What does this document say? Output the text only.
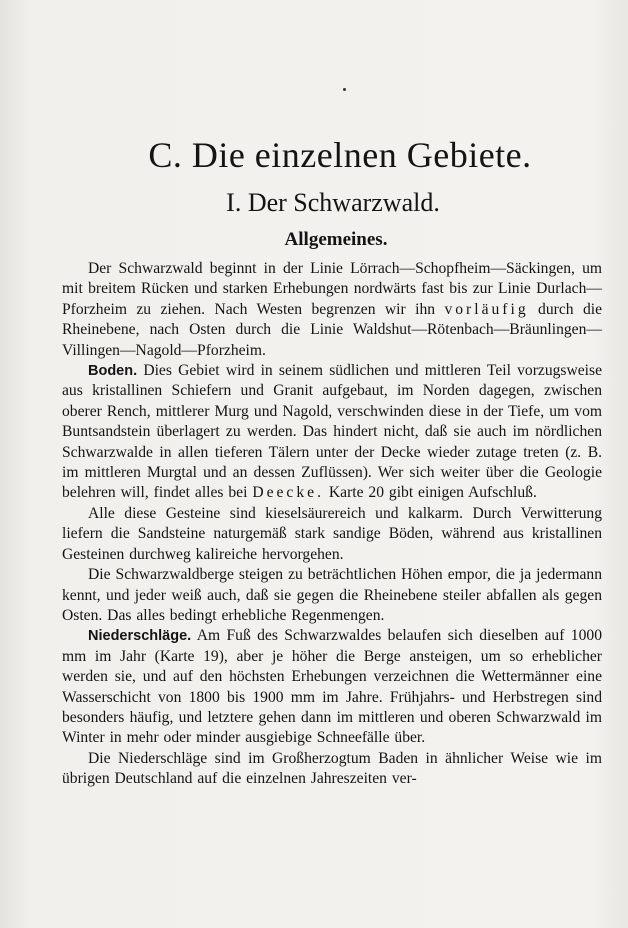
C. Die einzelnen Gebiete.
I. Der Schwarzwald.
Allgemeines.

Der Schwarzwald beginnt in der Linie Lörrach—Schopfheim—Säckingen, um mit breitem Rücken und starken Erhebungen nordwärts fast bis zur Linie Durlach—Pforzheim zu ziehen. Nach Westen begrenzen wir ihn vorläufig durch die Rheinebene, nach Osten durch die Linie Waldshut—Rötenbach—Bräunlingen—Villingen—Nagold—Pforzheim.

Boden. Dies Gebiet wird in seinem südlichen und mittleren Teil vorzugsweise aus kristallinen Schiefern und Granit aufgebaut, im Norden dagegen, zwischen oberer Rench, mittlerer Murg und Nagold, verschwinden diese in der Tiefe, um vom Buntsandstein überlagert zu werden. Das hindert nicht, daß sie auch im nördlichen Schwarzwalde in allen tieferen Tälern unter der Decke wieder zutage treten (z. B. im mittleren Murgtal und an dessen Zuflüssen). Wer sich weiter über die Geologie belehren will, findet alles bei Deecke. Karte 20 gibt einigen Aufschluß.

Alle diese Gesteine sind kieselsäurereich und kalkarm. Durch Verwitterung liefern die Sandsteine naturgemäß stark sandige Böden, während aus kristallinen Gesteinen durchweg kalireiche hervorgehen.

Die Schwarzwaldberge steigen zu beträchtlichen Höhen empor, die ja jedermann kennt, und jeder weiß auch, daß sie gegen die Rheinebene steiler abfallen als gegen Osten. Das alles bedingt erhebliche Regenmengen.

Niederschläge. Am Fuß des Schwarzwaldes belaufen sich dieselben auf 1000 mm im Jahr (Karte 19), aber je höher die Berge ansteigen, um so erheblicher werden sie, und auf den höchsten Erhebungen verzeichnen die Wettermänner eine Wasserschicht von 1800 bis 1900 mm im Jahre. Frühjahrs- und Herbstregen sind besonders häufig, und letztere gehen dann im mittleren und oberen Schwarzwald im Winter in mehr oder minder ausgiebige Schneefälle über.

Die Niederschläge sind im Großherzogtum Baden in ähnlicher Weise wie im übrigen Deutschland auf die einzelnen Jahreszeiten ver-
